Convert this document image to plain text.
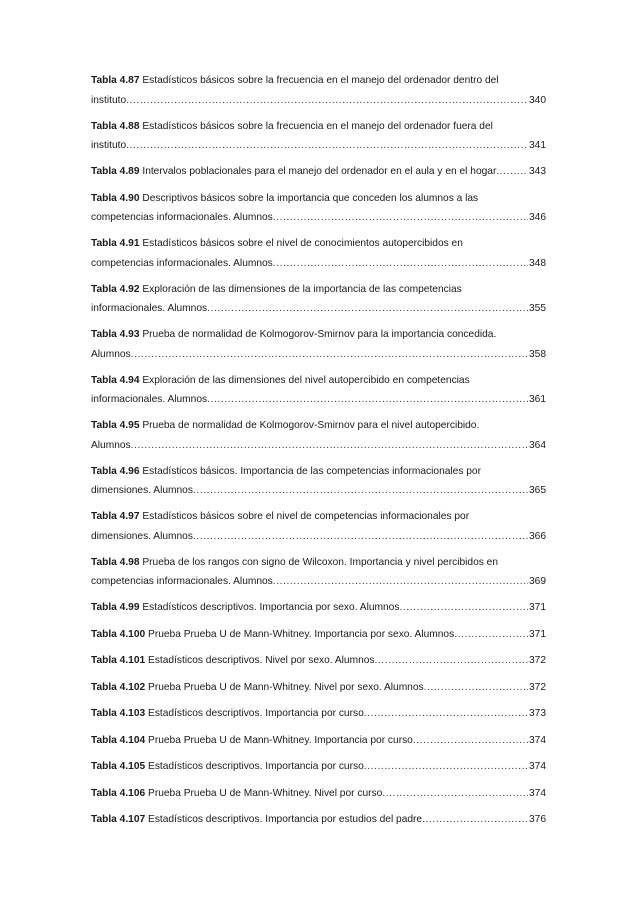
Tabla 4.87 Estadísticos básicos sobre la frecuencia en el manejo del ordenador dentro del
instituto .....	340
Tabla 4.88 Estadísticos básicos sobre la frecuencia en el manejo del ordenador fuera del
instituto .....	341
Tabla 4.89 Intervalos poblacionales para el manejo del ordenador en el aula y en el hogar .....	343
Tabla 4.90 Descriptivos básicos sobre la importancia que conceden los alumnos a las
competencias informacionales. Alumnos .....	346
Tabla 4.91 Estadísticos básicos sobre el nivel de conocimientos autopercibidos en
competencias informacionales. Alumnos .....	348
Tabla 4.92 Exploración de las dimensiones de la importancia de las competencias
informacionales. Alumnos .....	355
Tabla 4.93 Prueba de normalidad de Kolmogorov-Smirnov para la importancia concedida.
Alumnos .....	358
Tabla 4.94 Exploración de las dimensiones del nivel autopercibido en competencias
informacionales. Alumnos .....	361
Tabla 4.95 Prueba de normalidad de Kolmogorov-Smirnov para el nivel autopercibido.
Alumnos .....	364
Tabla 4.96 Estadísticos básicos. Importancia de las competencias informacionales por
dimensiones. Alumnos .....	365
Tabla 4.97 Estadísticos básicos sobre el nivel de competencias informacionales por
dimensiones. Alumnos .....	366
Tabla 4.98 Prueba de los rangos con signo de Wilcoxon. Importancia y nivel percibidos en
competencias informacionales. Alumnos .....	369
Tabla 4.99 Estadísticos descriptivos. Importancia por sexo. Alumnos .....	371
Tabla 4.100 Prueba Prueba U de Mann-Whitney. Importancia por sexo. Alumnos .....	371
Tabla 4.101 Estadísticos descriptivos. Nivel por sexo. Alumnos .....	372
Tabla 4.102 Prueba Prueba U de Mann-Whitney. Nivel por sexo. Alumnos .....	372
Tabla 4.103 Estadísticos descriptivos. Importancia por curso .....	373
Tabla 4.104 Prueba Prueba U de Mann-Whitney. Importancia por curso .....	374
Tabla 4.105 Estadísticos descriptivos. Importancia por curso .....	374
Tabla 4.106 Prueba Prueba U de Mann-Whitney. Nivel por curso .....	374
Tabla 4.107 Estadísticos descriptivos. Importancia por estudios del padre .....	376
